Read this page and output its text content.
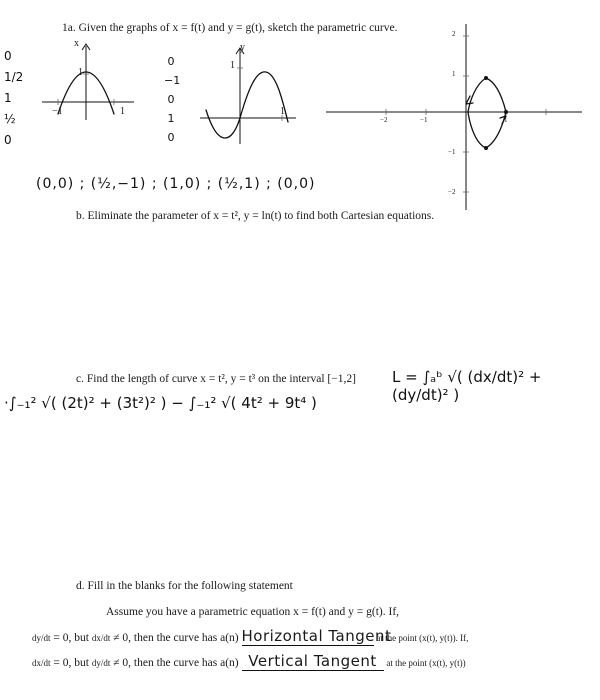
1a. Given the graphs of x = f(t) and y = g(t), sketch the parametric curve.
0
1/2
1
½
0
x
1
−1	1
0
−1
0
1
0
y
1
1
2
1
−1
−2
−2	−1	1
(0,0) ; (½,−1) ; (1,0) ; (½,1) ; (0,0)
b. Eliminate the parameter of x = t², y = ln(t) to find both Cartesian equations.
c. Find the length of curve x = t², y = t³ on the interval [−1,2] L = ∫ₐᵇ √( (dx/dt)² + (dy/dt)² )
·∫₋₁² √( (2t)² + (3t²)² ) − ∫₋₁² √( 4t² + 9t⁴ )
d. Fill in the blanks for the following statement
Assume you have a parametric equation x = f(t) and y = g(t). If,
dy/dt = 0, but dx/dt ≠ 0, then the curve has a(n) Horizontal Tangent at the point (x(t), y(t)). If,
dx/dt = 0, but dy/dt ≠ 0, then the curve has a(n) Vertical Tangent at the point (x(t), y(t))
